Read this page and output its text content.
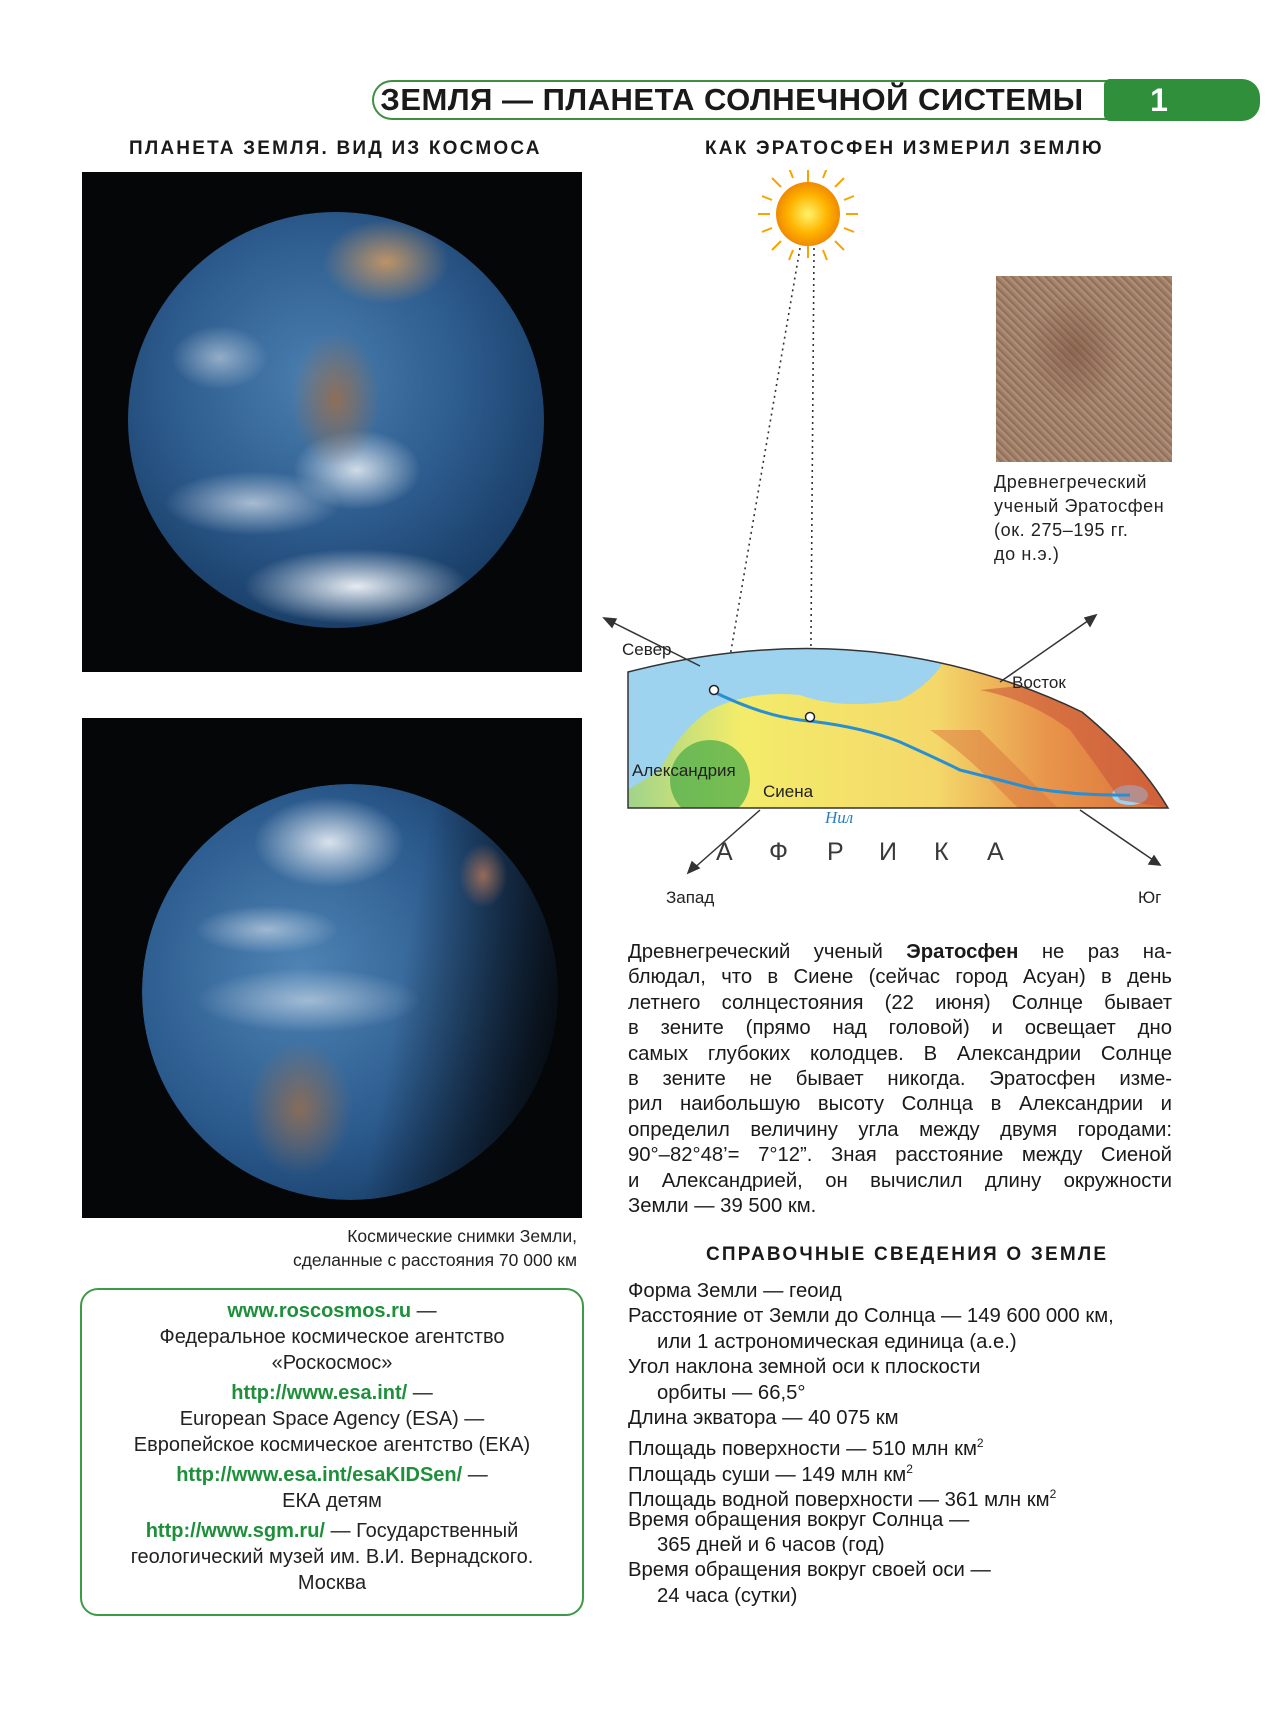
ЗЕМЛЯ — ПЛАНЕТА СОЛНЕЧНОЙ СИСТЕМЫ	1
ПЛАНЕТА ЗЕМЛЯ. ВИД ИЗ КОСМОСА
Космические снимки Земли,
сделанные с расстояния 70 000 км
www.roscosmos.ru —
Федеральное космическое агентство
«Роскосмос»
http://www.esa.int/ —
European Space Agency (ESA) —
Европейское космическое агентство (ЕКА)
http://www.esa.int/esaKIDSen/ —
ЕКА детям
http://www.sgm.ru/ — Государственный
геологический музей им. В.И. Вернадского.
Москва
КАК ЭРАТОСФЕН ИЗМЕРИЛ ЗЕМЛЮ
Север
Восток
Запад	Юг
Александрия
Сиена
Нил
А Ф Р И К А
Древнегреческий
ученый Эратосфен
(ок. 275–195 гг.
до н.э.)
Древнегреческий ученый Эратосфен не раз на-
блюдал, что в Сиене (сейчас город Асуан) в день
летнего солнцестояния (22 июня) Солнце бывает
в зените (прямо над головой) и освещает дно
самых глубоких колодцев. В Александрии Солнце
в зените не бывает никогда. Эратосфен изме-
рил наибольшую высоту Солнца в Александрии и
определил величину угла между двумя городами:
90°–82°48’= 7°12”. Зная расстояние между Сиеной
и Александрией, он вычислил длину окружности
Земли — 39 500 км.
СПРАВОЧНЫЕ СВЕДЕНИЯ О ЗЕМЛЕ
Форма Земли — геоид
Расстояние от Земли до Солнца — 149 600 000 км,
или 1 астрономическая единица (а.е.)
Угол наклона земной оси к плоскости
орбиты — 66,5°
Длина экватора — 40 075 км
Площадь поверхности — 510 млн $км^2$
Площадь суши — 149 млн $км^2$
Площадь водной поверхности — 361 млн $км^2$
Время обращения вокруг Солнца —
365 дней и 6 часов (год)
Время обращения вокруг своей оси —
24 часа (сутки)
